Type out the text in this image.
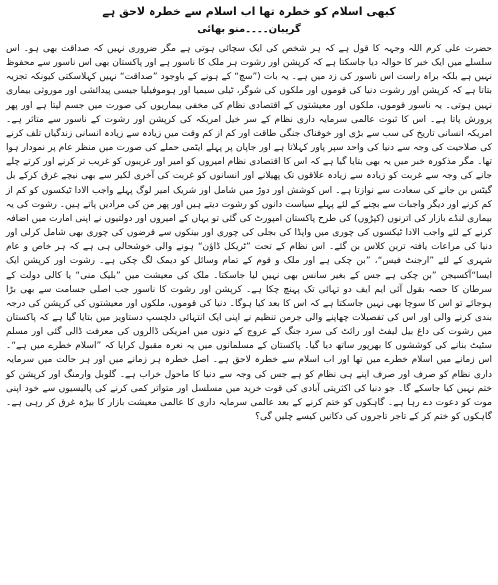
کبھی اسلام کو خطرہ تھا اب اسلام سے خطرہ لاحق ہے
گریبان۔۔۔۔منو بھائی

حضرت علی کرم اللہ وجہہ کا قول ہے کہ ہر شخص کی ایک سچائی ہوتی ہے مگر ضروری نہیں کہ صداقت بھی ہو۔ اس سلسلے میں ایک خبر کا حوالہ دیا جاسکتا ہے کہ کرپشن اور رشوت ہر ملک کا ناسور ہے اور پاکستان بھی اس ناسور سے محفوظ نہیں ہے بلکہ براہ راست اس ناسور کی زد میں ہے۔ یہ بات (”سچ“ کے ہونے کے باوجود ”صداقت“ نہیں کہلاسکتی کیونکہ تجزیہ بتاتا ہے کہ کرپشن اور رشوت دنیا کی قوموں اور ملکوں کی شوگر، ٹیلی سیمیا اور ہوموفیلیا جیسی پیدائشی اور موروثی بیماری نہیں ہوتی۔ یہ ناسور قوموں، ملکوں اور معیشتوں کے اقتصادی نظام کی مخفی بیماریوں کی صورت میں جسم لیتا ہے اور پھر پرورش پاتا ہے۔ اس کا ثبوت عالمی سرمایہ داری نظام کے سر خیل امریکہ کی کرپشن اور رشوت کے ناسور سے متاثر ہے۔ امریکہ انسانی تاریخ کی سب سے بڑی اور خوفناک جنگی طاقت اور کم از کم وقت میں زیادہ سے زیادہ انسانی زندگیاں تلف کرنے کی صلاحیت کی وجہ سے دنیا کی واحد سپر پاور کہلاتا ہے اور جاپان پر پہلے ایٹمی حملے کی صورت میں منظر عام پر نمودار ہوا تھا۔ مگر مذکورہ خبر میں یہ بھی بتایا گیا ہے کہ اس کا اقتصادی نظام امیروں کو امیر اور غریبوں کو غریب تر کرنے اور کرتے چلے جانے کی وجہ سے غربت کو زیادہ سے زیادہ علاقوں تک پھیلانے اور انسانوں کو غربت کی آخری لکیر سے بھی نیچے غرق کرکے بل گیٹس بن جانے کی سعادت سے نوازتا ہے۔ اس کوشش اور دوڑ میں شامل اور شریک امیر لوگ پہلے واجب الادا ٹیکسوں کو کم از کم کرنے اور دیگر واجبات سے بچنے کے لئے پہلے سیاست دانوں کو رشوت دیتے ہیں اور پھر من کی مرادیں پاتے ہیں۔ رشوت کی یہ بیماری لنڈے بازار کی اترنوں (کپڑوں) کی طرح پاکستان امپورٹ کی گئی تو یہاں کے امیروں اور دولتیوں نے اپنی امارت میں اضافہ کرنے کے لئے واجب الادا ٹیکسوں کی چوری میں واپڈا کی بجلی کی چوری اور بینکوں سے قرضوں کی چوری بھی شامل کرلی اور دنیا کی مراعات یافتہ ترین کلاس بن گئے۔ اس نظام کے تحت ”ٹریکل ڈاؤن“ ہونے والی خوشحالی ہی ہے کہ ہر خاص و عام شہری کے لئے ”ارجنٹ فیس“، ”بن چکی ہے اور ملک و قوم کے تمام وسائل کو دیمک لگ چکی ہے۔ رشوت اور کرپشن ایک ایسا“آکسیجن ”بن چکی ہے جس کے بغیر سانس بھی نہیں لیا جاسکتا۔ ملک کی معیشت میں ”بلیک منی“ یا کالی دولت کے سرطان کا حصہ بقول آئی ایم ایف دو تہائی تک پہنچ چکا ہے۔ کرپشن اور رشوت کا ناسور جب اصلی جسامت سے بھی بڑا ہوجائے تو اس کا سوچا بھی نہیں جاسکتا ہے کہ اس کا بعد کیا ہوگا۔ دنیا کی قوموں، ملکوں اور معیشتوں کی کرپشن کی درجہ بندی کرنے والی اور اس کی تفصیلات چھاپنے والی جرمن تنظیم نے اپنی ایک انتہائی دلچسپ دستاویز میں بتایا گیا ہے کہ پاکستان میں رشوت کی داغ بیل لیفٹ اور رائٹ کی سرد جنگ کے عروج کے دنوں میں امریکی ڈالروں کی معرفت ڈالی گئی اور مسلم سٹیٹ بنانے کی کوششوں کا بھرپور ساتھ دیا گیا۔ پاکستان کے مسلمانوں میں یہ نعرہ مقبول کرایا کہ ”اسلام خطرے میں ہے“۔ اس زمانے میں اسلام خطرے میں تھا اور اب اسلام سے خطرہ لاحق ہے۔ اصل خطرہ ہر زمانے میں اور ہر حالت میں سرمایہ داری نظام کو صرف اور صرف اپنے ہی نظام کو ہے جس کی وجہ سے دنیا کا ماحول خراب ہے۔ گلوبل وارمنگ اور کرپشن کو ختم نہیں کیا جاسکے گا۔ جو دنیا کی اکثریتی آبادی کی قوت خرید میں مسلسل اور متواتر کمی کرنے کی پالیسیوں سے خود اپنی موت کو دعوت دے رہا ہے۔ گاہکوں کو ختم کرنے کے بعد عالمی سرمایہ داری کا عالمی معیشت بازار کا بیڑہ غرق کر رہی ہے۔ گاہکوں کو ختم کر کے تاجر تاجروں کی دکانیں کیسے چلیں گی؟
